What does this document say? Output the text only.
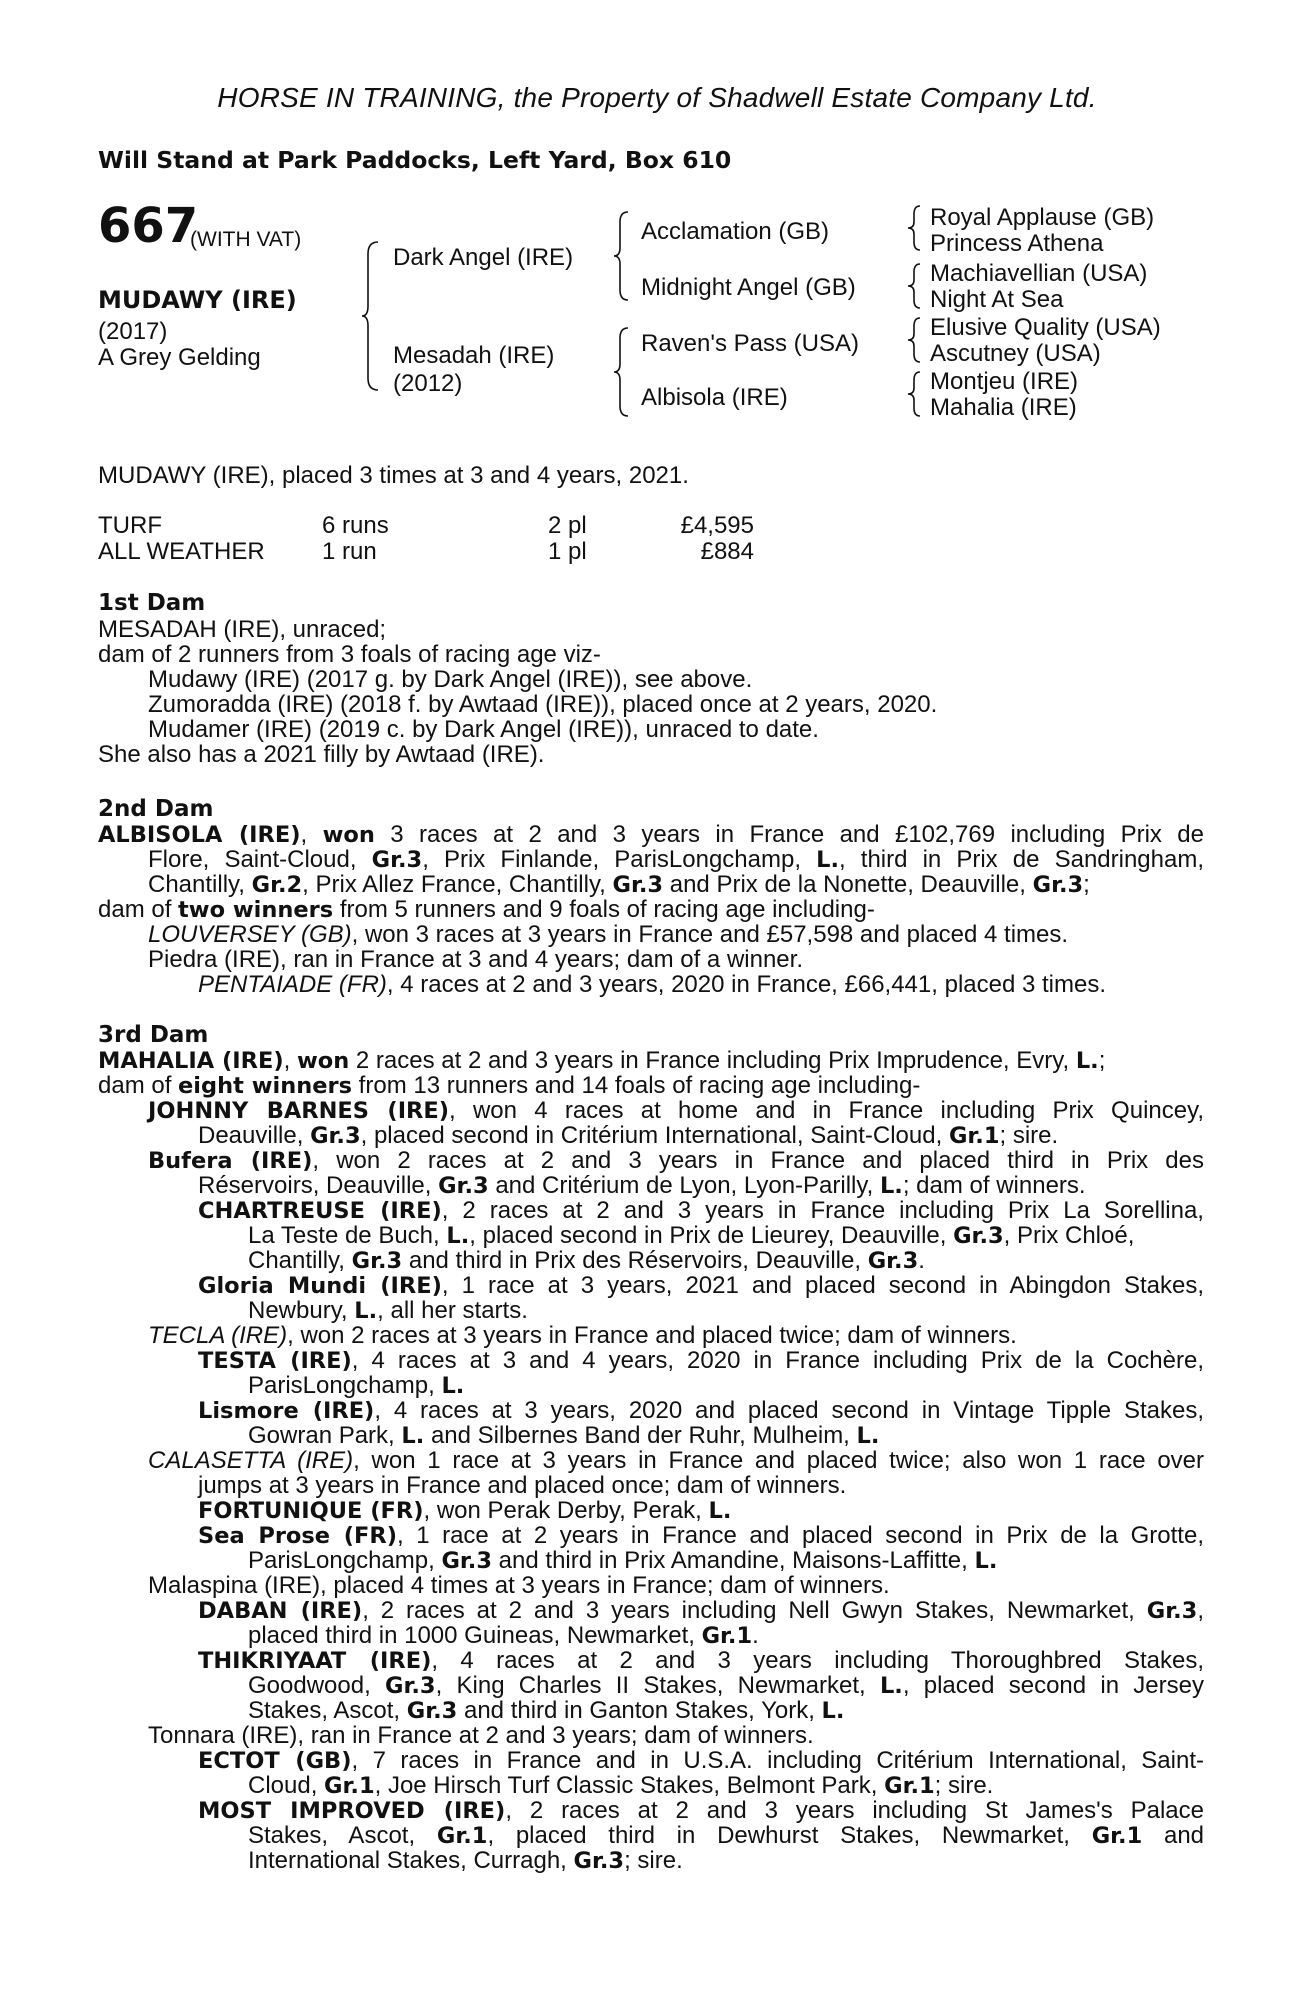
HORSE IN TRAINING, the Property of Shadwell Estate Company Ltd.
Will Stand at Park Paddocks, Left Yard, Box 610
667
(WITH VAT)
MUDAWY (IRE)
(2017)
A Grey Gelding
Dark Angel (IRE)
Mesadah (IRE)
(2012)
Acclamation (GB)
Midnight Angel (GB)
Raven's Pass (USA)
Albisola (IRE)
Royal Applause (GB)
Princess Athena
Machiavellian (USA)
Night At Sea
Elusive Quality (USA)
Ascutney (USA)
Montjeu (IRE)
Mahalia (IRE)
MUDAWY (IRE), placed 3 times at 3 and 4 years, 2021.
TURF	6 runs	2 pl	£4,595
ALL WEATHER 1 run	1 pl	£884
1st Dam
MESADAH (IRE), unraced;
dam of 2 runners from 3 foals of racing age viz-
Mudawy (IRE) (2017 g. by Dark Angel (IRE)), see above.
Zumoradda (IRE) (2018 f. by Awtaad (IRE)), placed once at 2 years, 2020.
Mudamer (IRE) (2019 c. by Dark Angel (IRE)), unraced to date.
She also has a 2021 filly by Awtaad (IRE).
2nd Dam
ALBISOLA (IRE), won 3 races at 2 and 3 years in France and £102,769 including Prix de
Flore, Saint-Cloud, Gr.3, Prix Finlande, ParisLongchamp, L., third in Prix de Sandringham,
Chantilly, Gr.2, Prix Allez France, Chantilly, Gr.3 and Prix de la Nonette, Deauville, Gr.3;
dam of two winners from 5 runners and 9 foals of racing age including-
LOUVERSEY (GB), won 3 races at 3 years in France and £57,598 and placed 4 times.
Piedra (IRE), ran in France at 3 and 4 years; dam of a winner.
PENTAIADE (FR), 4 races at 2 and 3 years, 2020 in France, £66,441, placed 3 times.
3rd Dam
MAHALIA (IRE), won 2 races at 2 and 3 years in France including Prix Imprudence, Evry, L.;
dam of eight winners from 13 runners and 14 foals of racing age including-
JOHNNY BARNES (IRE), won 4 races at home and in France including Prix Quincey,
Deauville, Gr.3, placed second in Critérium International, Saint-Cloud, Gr.1; sire.
Bufera (IRE), won 2 races at 2 and 3 years in France and placed third in Prix des
Réservoirs, Deauville, Gr.3 and Critérium de Lyon, Lyon-Parilly, L.; dam of winners.
CHARTREUSE (IRE), 2 races at 2 and 3 years in France including Prix La Sorellina,
La Teste de Buch, L., placed second in Prix de Lieurey, Deauville, Gr.3, Prix Chloé,
Chantilly, Gr.3 and third in Prix des Réservoirs, Deauville, Gr.3.
Gloria Mundi (IRE), 1 race at 3 years, 2021 and placed second in Abingdon Stakes,
Newbury, L., all her starts.
TECLA (IRE), won 2 races at 3 years in France and placed twice; dam of winners.
TESTA (IRE), 4 races at 3 and 4 years, 2020 in France including Prix de la Cochère,
ParisLongchamp, L.
Lismore (IRE), 4 races at 3 years, 2020 and placed second in Vintage Tipple Stakes,
Gowran Park, L. and Silbernes Band der Ruhr, Mulheim, L.
CALASETTA (IRE), won 1 race at 3 years in France and placed twice; also won 1 race over
jumps at 3 years in France and placed once; dam of winners.
FORTUNIQUE (FR), won Perak Derby, Perak, L.
Sea Prose (FR), 1 race at 2 years in France and placed second in Prix de la Grotte,
ParisLongchamp, Gr.3 and third in Prix Amandine, Maisons-Laffitte, L.
Malaspina (IRE), placed 4 times at 3 years in France; dam of winners.
DABAN (IRE), 2 races at 2 and 3 years including Nell Gwyn Stakes, Newmarket, Gr.3,
placed third in 1000 Guineas, Newmarket, Gr.1.
THIKRIYAAT (IRE), 4 races at 2 and 3 years including Thoroughbred Stakes,
Goodwood, Gr.3, King Charles II Stakes, Newmarket, L., placed second in Jersey
Stakes, Ascot, Gr.3 and third in Ganton Stakes, York, L.
Tonnara (IRE), ran in France at 2 and 3 years; dam of winners.
ECTOT (GB), 7 races in France and in U.S.A. including Critérium International, Saint-
Cloud, Gr.1, Joe Hirsch Turf Classic Stakes, Belmont Park, Gr.1; sire.
MOST IMPROVED (IRE), 2 races at 2 and 3 years including St James's Palace
Stakes, Ascot, Gr.1, placed third in Dewhurst Stakes, Newmarket, Gr.1 and
International Stakes, Curragh, Gr.3; sire.
